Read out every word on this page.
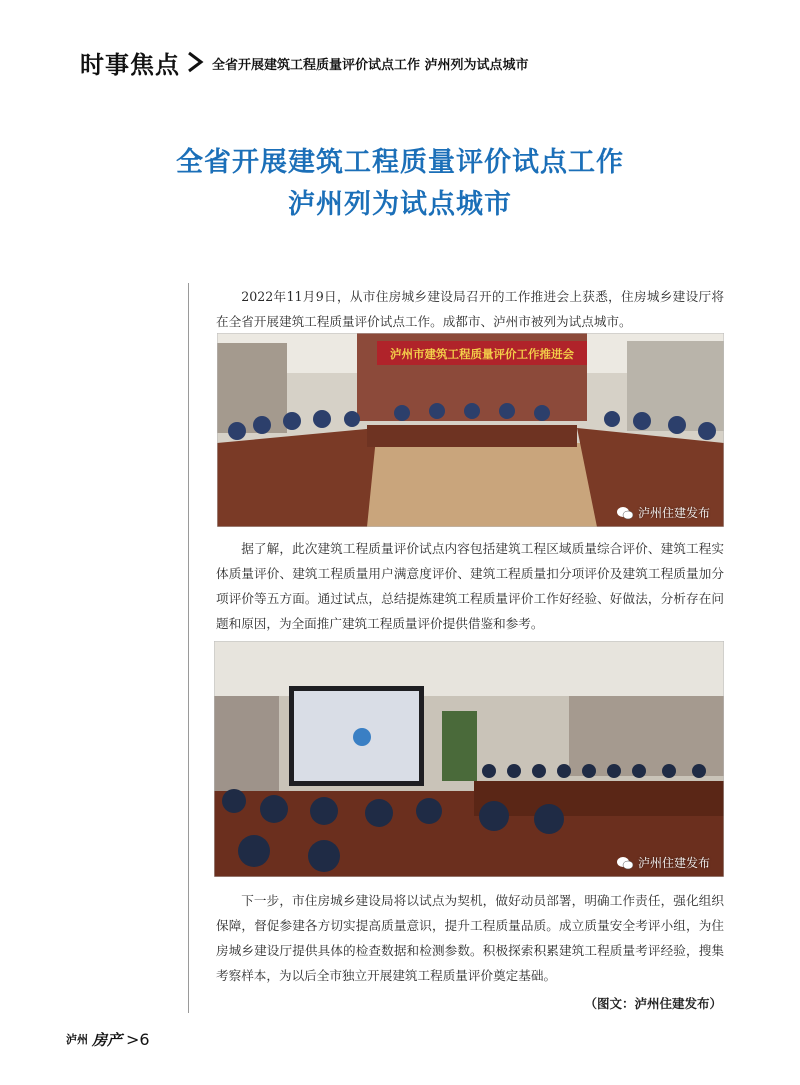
时事焦点 全省开展建筑工程质量评价试点工作 泸州列为试点城市
全省开展建筑工程质量评价试点工作
泸州列为试点城市

2022年11月9日，从市住房城乡建设局召开的工作推进会上获悉，住房城乡建设厅将在全省开展建筑工程质量评价试点工作。成都市、泸州市被列为试点城市。

泸州市建筑工程质量评价工作推进会
泸州住建发布

据了解，此次建筑工程质量评价试点内容包括建筑工程区域质量综合评价、建筑工程实体质量评价、建筑工程质量用户满意度评价、建筑工程质量扣分项评价及建筑工程质量加分项评价等五方面。通过试点，总结提炼建筑工程质量评价工作好经验、好做法，分析存在问题和原因，为全面推广建筑工程质量评价提供借鉴和参考。

泸州住建发布

下一步，市住房城乡建设局将以试点为契机，做好动员部署，明确工作责任，强化组织保障，督促参建各方切实提高质量意识，提升工程质量品质。成立质量安全考评小组，为住房城乡建设厅提供具体的检查数据和检测参数。积极探索积累建筑工程质量考评经验，搜集考察样本，为以后全市独立开展建筑工程质量评价奠定基础。

（图文：泸州住建发布）
泸州 房产 >6
